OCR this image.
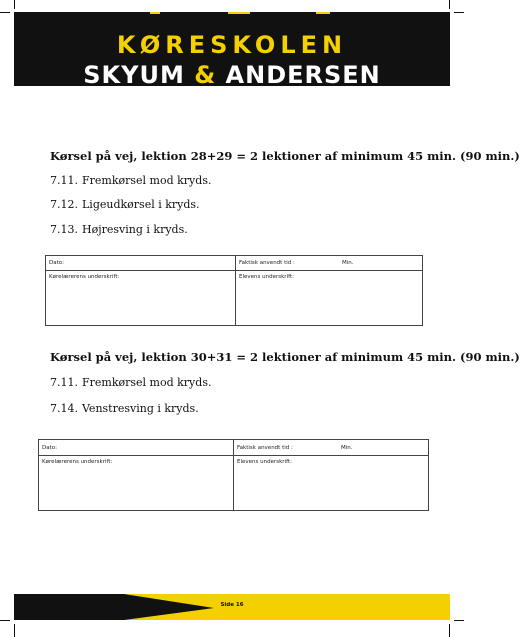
KØRESKOLEN
SKYUM & ANDERSEN
Kørsel på vej, lektion 28+29 = 2 lektioner af minimum 45 min. (90 min.)
7.11. Fremkørsel mod kryds.
7.12. Ligeudkørsel i kryds.
7.13. Højresving i kryds.
Dato:	Faktisk anvendt tid :	Min.
Kørelærerens underskrift:	Elevens underskrift:
Kørsel på vej, lektion 30+31 = 2 lektioner af minimum 45 min. (90 min.)
7.11. Fremkørsel mod kryds.
7.14. Venstresving i kryds.
Dato:	Faktisk anvendt tid :	Min.
Kørelærerens underskrift:	Elevens underskrift:
Side 16
